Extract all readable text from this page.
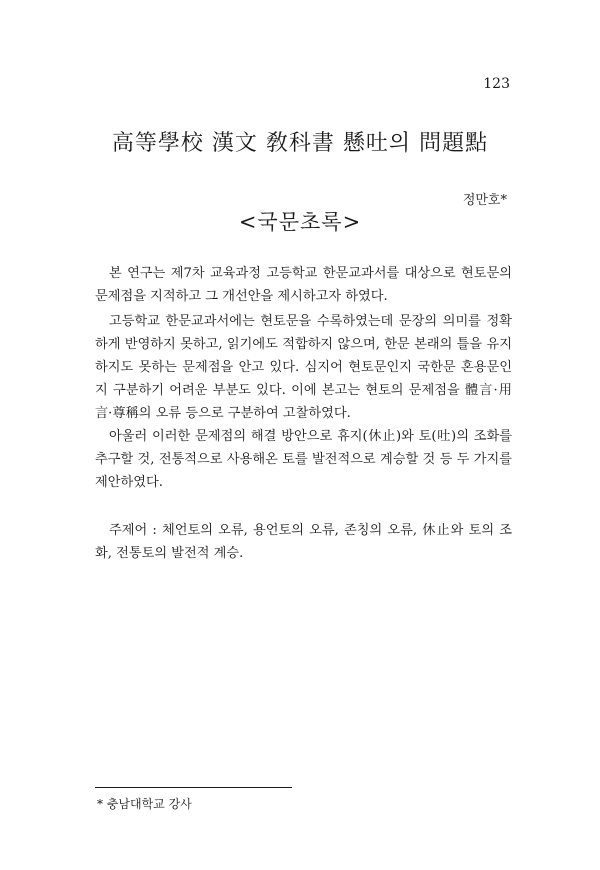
123
高等學校 漢文 敎科書 懸吐의 問題點
정만호*
<국문초록>

본 연구는 제7차 교육과정 고등학교 한문교과서를 대상으로 현토문의 문제점을 지적하고 그 개선안을 제시하고자 하였다.

고등학교 한문교과서에는 현토문을 수록하였는데 문장의 의미를 정확하게 반영하지 못하고, 읽기에도 적합하지 않으며, 한문 본래의 틀을 유지하지도 못하는 문제점을 안고 있다. 심지어 현토문인지 국한문 혼용문인지 구분하기 어려운 부분도 있다. 이에 본고는 현토의 문제점을 體言·用言·尊稱의 오류 등으로 구분하여 고찰하였다.

아울러 이러한 문제점의 해결 방안으로 휴지(休止)와 토(吐)의 조화를 추구할 것, 전통적으로 사용해온 토를 발전적으로 계승할 것 등 두 가지를 제안하였다.

주제어 : 체언토의 오류, 용언토의 오류, 존칭의 오류, 休止와 토의 조화, 전통토의 발전적 계승.

* 충남대학교 강사
